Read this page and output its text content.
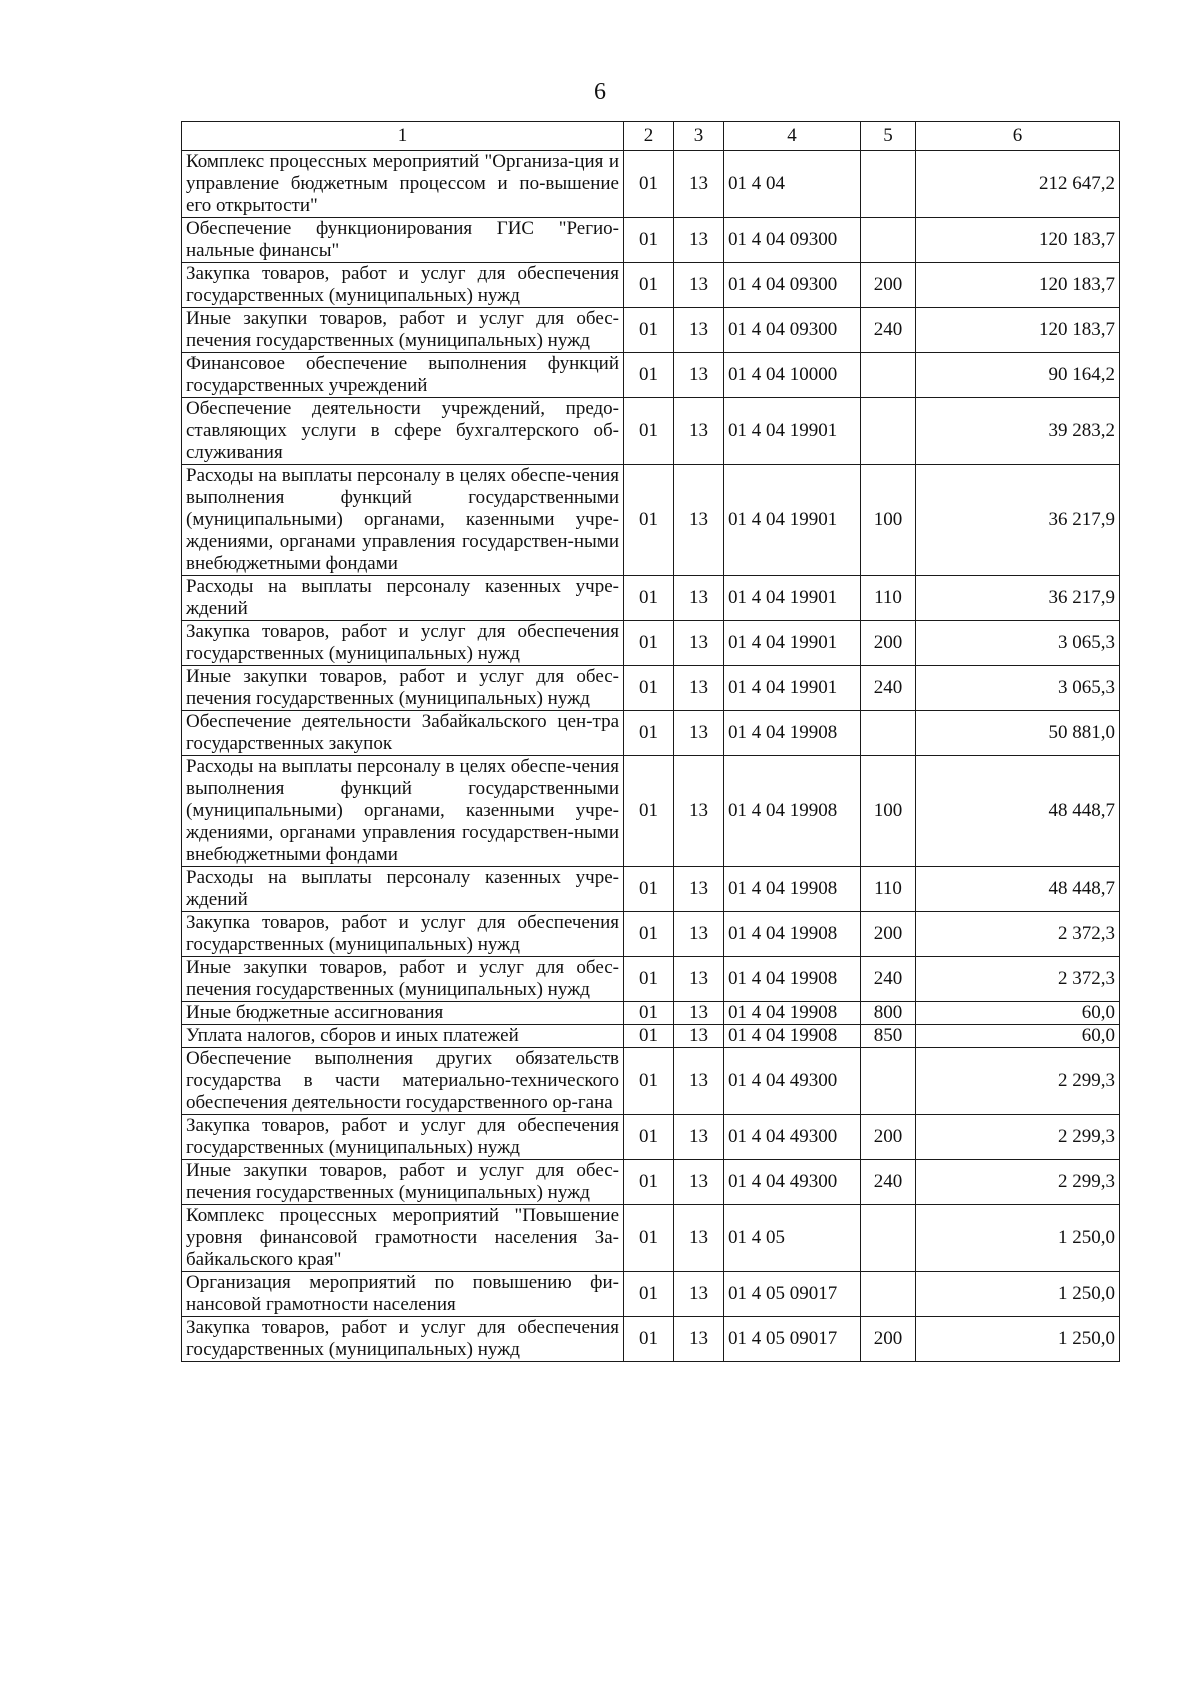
6
1	2	3	4	5	6
Комплекс процессных мероприятий "Организа-ция и управление бюджетным процессом и по-вышение его открытости"	01	13	01 4 04		212 647,2
Обеспечение функционирования ГИС "Регио-нальные финансы"	01	13	01 4 04 09300		120 183,7
Закупка товаров, работ и услуг для обеспечения государственных (муниципальных) нужд	01	13	01 4 04 09300	200	120 183,7
Иные закупки товаров, работ и услуг для обес-печения государственных (муниципальных) нужд	01	13	01 4 04 09300	240	120 183,7
Финансовое обеспечение выполнения функций государственных учреждений	01	13	01 4 04 10000		90 164,2
Обеспечение деятельности учреждений, предо-ставляющих услуги в сфере бухгалтерского об-служивания	01	13	01 4 04 19901		39 283,2
Расходы на выплаты персоналу в целях обеспе-чения выполнения функций государственными (муниципальными) органами, казенными учре-ждениями, органами управления государствен-ными внебюджетными фондами	01	13	01 4 04 19901	100	36 217,9
Расходы на выплаты персоналу казенных учре-ждений	01	13	01 4 04 19901	110	36 217,9
Закупка товаров, работ и услуг для обеспечения государственных (муниципальных) нужд	01	13	01 4 04 19901	200	3 065,3
Иные закупки товаров, работ и услуг для обес-печения государственных (муниципальных) нужд	01	13	01 4 04 19901	240	3 065,3
Обеспечение деятельности Забайкальского цен-тра государственных закупок	01	13	01 4 04 19908		50 881,0
Расходы на выплаты персоналу в целях обеспе-чения выполнения функций государственными (муниципальными) органами, казенными учре-ждениями, органами управления государствен-ными внебюджетными фондами	01	13	01 4 04 19908	100	48 448,7
Расходы на выплаты персоналу казенных учре-ждений	01	13	01 4 04 19908	110	48 448,7
Закупка товаров, работ и услуг для обеспечения государственных (муниципальных) нужд	01	13	01 4 04 19908	200	2 372,3
Иные закупки товаров, работ и услуг для обес-печения государственных (муниципальных) нужд	01	13	01 4 04 19908	240	2 372,3
Иные бюджетные ассигнования	01	13	01 4 04 19908	800	60,0
Уплата налогов, сборов и иных платежей	01	13	01 4 04 19908	850	60,0
Обеспечение выполнения других обязательств государства в части материально-технического обеспечения деятельности государственного ор-гана	01	13	01 4 04 49300		2 299,3
Закупка товаров, работ и услуг для обеспечения государственных (муниципальных) нужд	01	13	01 4 04 49300	200	2 299,3
Иные закупки товаров, работ и услуг для обес-печения государственных (муниципальных) нужд	01	13	01 4 04 49300	240	2 299,3
Комплекс процессных мероприятий "Повышение уровня финансовой грамотности населения За-байкальского края"	01	13	01 4 05		1 250,0
Организация мероприятий по повышению фи-нансовой грамотности населения	01	13	01 4 05 09017		1 250,0
Закупка товаров, работ и услуг для обеспечения государственных (муниципальных) нужд	01	13	01 4 05 09017	200	1 250,0
